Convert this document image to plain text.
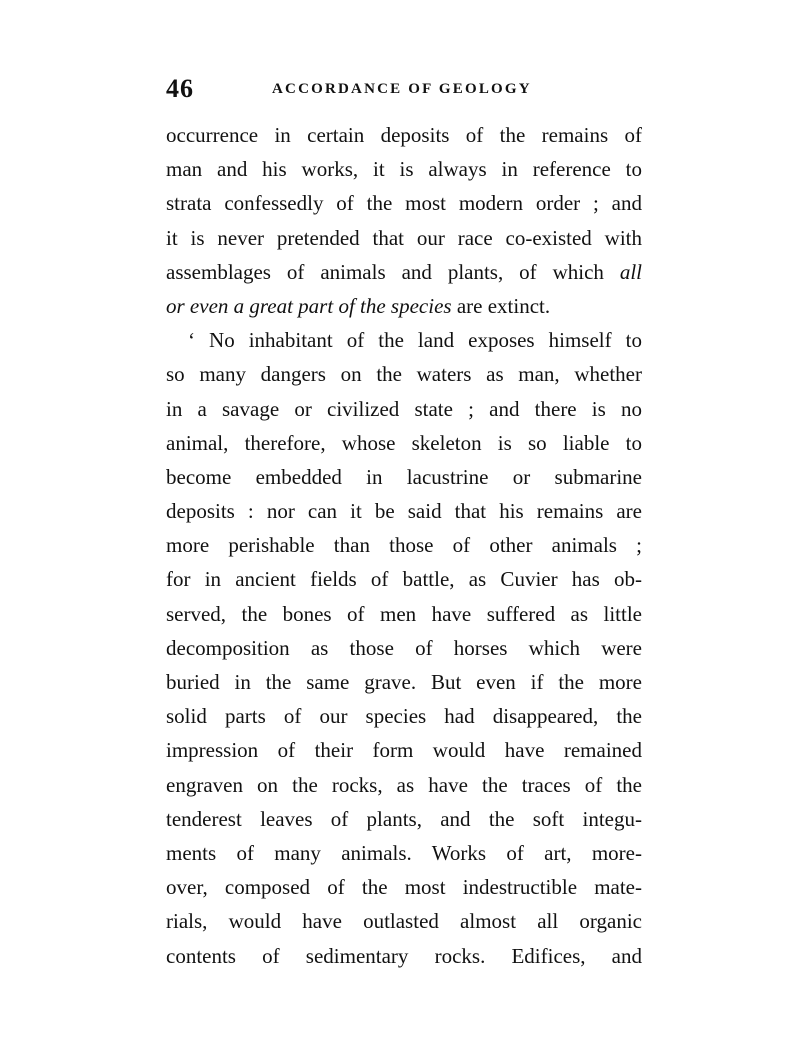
46	ACCORDANCE OF GEOLOGY
occurrence in certain deposits of the remains of
man and his works, it is always in reference to
strata confessedly of the most modern order ; and
it is never pretended that our race co-existed with
assemblages of animals and plants, of which all
or even a great part of the species are extinct.
‘ No inhabitant of the land exposes himself to
so many dangers on the waters as man, whether
in a savage or civilized state ; and there is no
animal, therefore, whose skeleton is so liable to
become embedded in lacustrine or submarine
deposits : nor can it be said that his remains are
more perishable than those of other animals ;
for in ancient fields of battle, as Cuvier has ob-
served, the bones of men have suffered as little
decomposition as those of horses which were
buried in the same grave. But even if the more
solid parts of our species had disappeared, the
impression of their form would have remained
engraven on the rocks, as have the traces of the
tenderest leaves of plants, and the soft integu-
ments of many animals. Works of art, more-
over, composed of the most indestructible mate-
rials, would have outlasted almost all organic
contents of sedimentary rocks. Edifices, and
